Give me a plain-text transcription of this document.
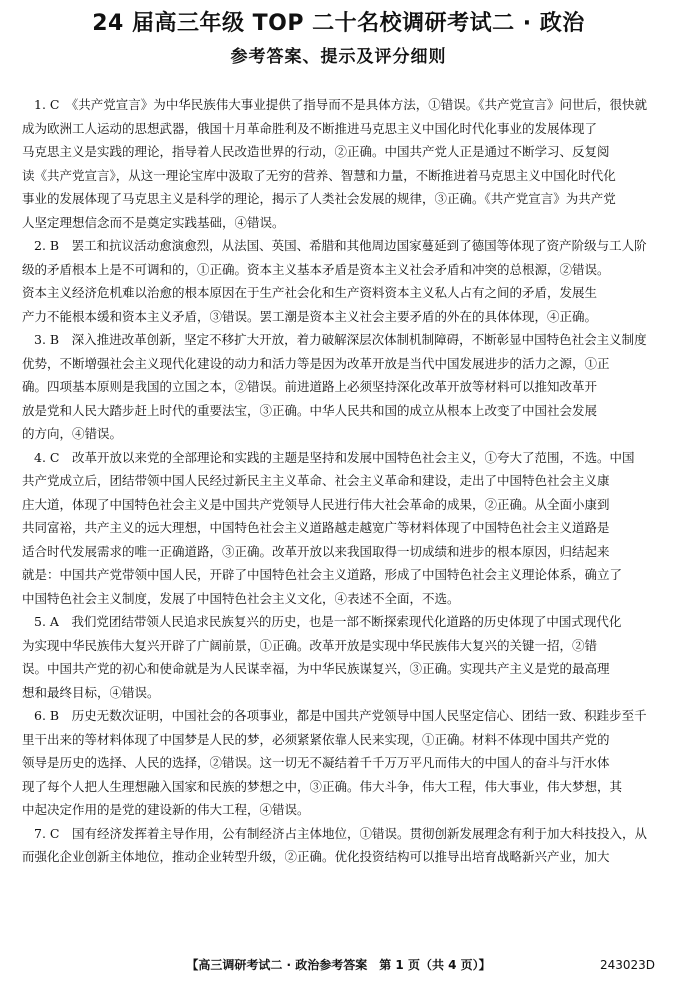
24 届高三年级 TOP 二十名校调研考试二 · 政治
参考答案、提示及评分细则

1. C　《共产党宣言》为中华民族伟大事业提供了指导而不是具体方法，①错误。《共产党宣言》问世后，很快就

成为欧洲工人运动的思想武器，俄国十月革命胜利及不断推进马克思主义中国化时代化事业的发展体现了

马克思主义是实践的理论，指导着人民改造世界的行动，②正确。中国共产党人正是通过不断学习、反复阅

读《共产党宣言》，从这一理论宝库中汲取了无穷的营养、智慧和力量，不断推进着马克思主义中国化时代化

事业的发展体现了马克思主义是科学的理论，揭示了人类社会发展的规律，③正确。《共产党宣言》为共产党

人坚定理想信念而不是奠定实践基础，④错误。

2. B　罢工和抗议活动愈演愈烈，从法国、英国、希腊和其他周边国家蔓延到了德国等体现了资产阶级与工人阶

级的矛盾根本上是不可调和的，①正确。资本主义基本矛盾是资本主义社会矛盾和冲突的总根源，②错误。

资本主义经济危机难以治愈的根本原因在于生产社会化和生产资料资本主义私人占有之间的矛盾，发展生

产力不能根本缓和资本主义矛盾，③错误。罢工潮是资本主义社会主要矛盾的外在的具体体现，④正确。

3. B　深入推进改革创新，坚定不移扩大开放，着力破解深层次体制机制障碍，不断彰显中国特色社会主义制度

优势，不断增强社会主义现代化建设的动力和活力等是因为改革开放是当代中国发展进步的活力之源，①正

确。四项基本原则是我国的立国之本，②错误。前进道路上必须坚持深化改革开放等材料可以推知改革开

放是党和人民大踏步赶上时代的重要法宝，③正确。中华人民共和国的成立从根本上改变了中国社会发展

的方向，④错误。

4. C　改革开放以来党的全部理论和实践的主题是坚持和发展中国特色社会主义，①夸大了范围，不选。中国

共产党成立后，团结带领中国人民经过新民主主义革命、社会主义革命和建设，走出了中国特色社会主义康

庄大道，体现了中国特色社会主义是中国共产党领导人民进行伟大社会革命的成果，②正确。从全面小康到

共同富裕，共产主义的远大理想，中国特色社会主义道路越走越宽广等材料体现了中国特色社会主义道路是

适合时代发展需求的唯一正确道路，③正确。改革开放以来我国取得一切成绩和进步的根本原因，归结起来

就是：中国共产党带领中国人民，开辟了中国特色社会主义道路，形成了中国特色社会主义理论体系，确立了

中国特色社会主义制度，发展了中国特色社会主义文化，④表述不全面，不选。

5. A　我们党团结带领人民追求民族复兴的历史，也是一部不断探索现代化道路的历史体现了中国式现代化

为实现中华民族伟大复兴开辟了广阔前景，①正确。改革开放是实现中华民族伟大复兴的关键一招，②错

误。中国共产党的初心和使命就是为人民谋幸福，为中华民族谋复兴，③正确。实现共产主义是党的最高理

想和最终目标，④错误。

6. B　历史无数次证明，中国社会的各项事业，都是中国共产党领导中国人民坚定信心、团结一致、积跬步至千

里干出来的等材料体现了中国梦是人民的梦，必须紧紧依靠人民来实现，①正确。材料不体现中国共产党的

领导是历史的选择、人民的选择，②错误。这一切无不凝结着千千万万平凡而伟大的中国人的奋斗与汗水体

现了每个人把人生理想融入国家和民族的梦想之中，③正确。伟大斗争，伟大工程，伟大事业，伟大梦想，其

中起决定作用的是党的建设新的伟大工程，④错误。

7. C　国有经济发挥着主导作用，公有制经济占主体地位，①错误。贯彻创新发展理念有利于加大科技投入，从

而强化企业创新主体地位，推动企业转型升级，②正确。优化投资结构可以推导出培育战略新兴产业，加大

【高三调研考试二 · 政治参考答案　第 1 页（共 4 页）】	243023D
